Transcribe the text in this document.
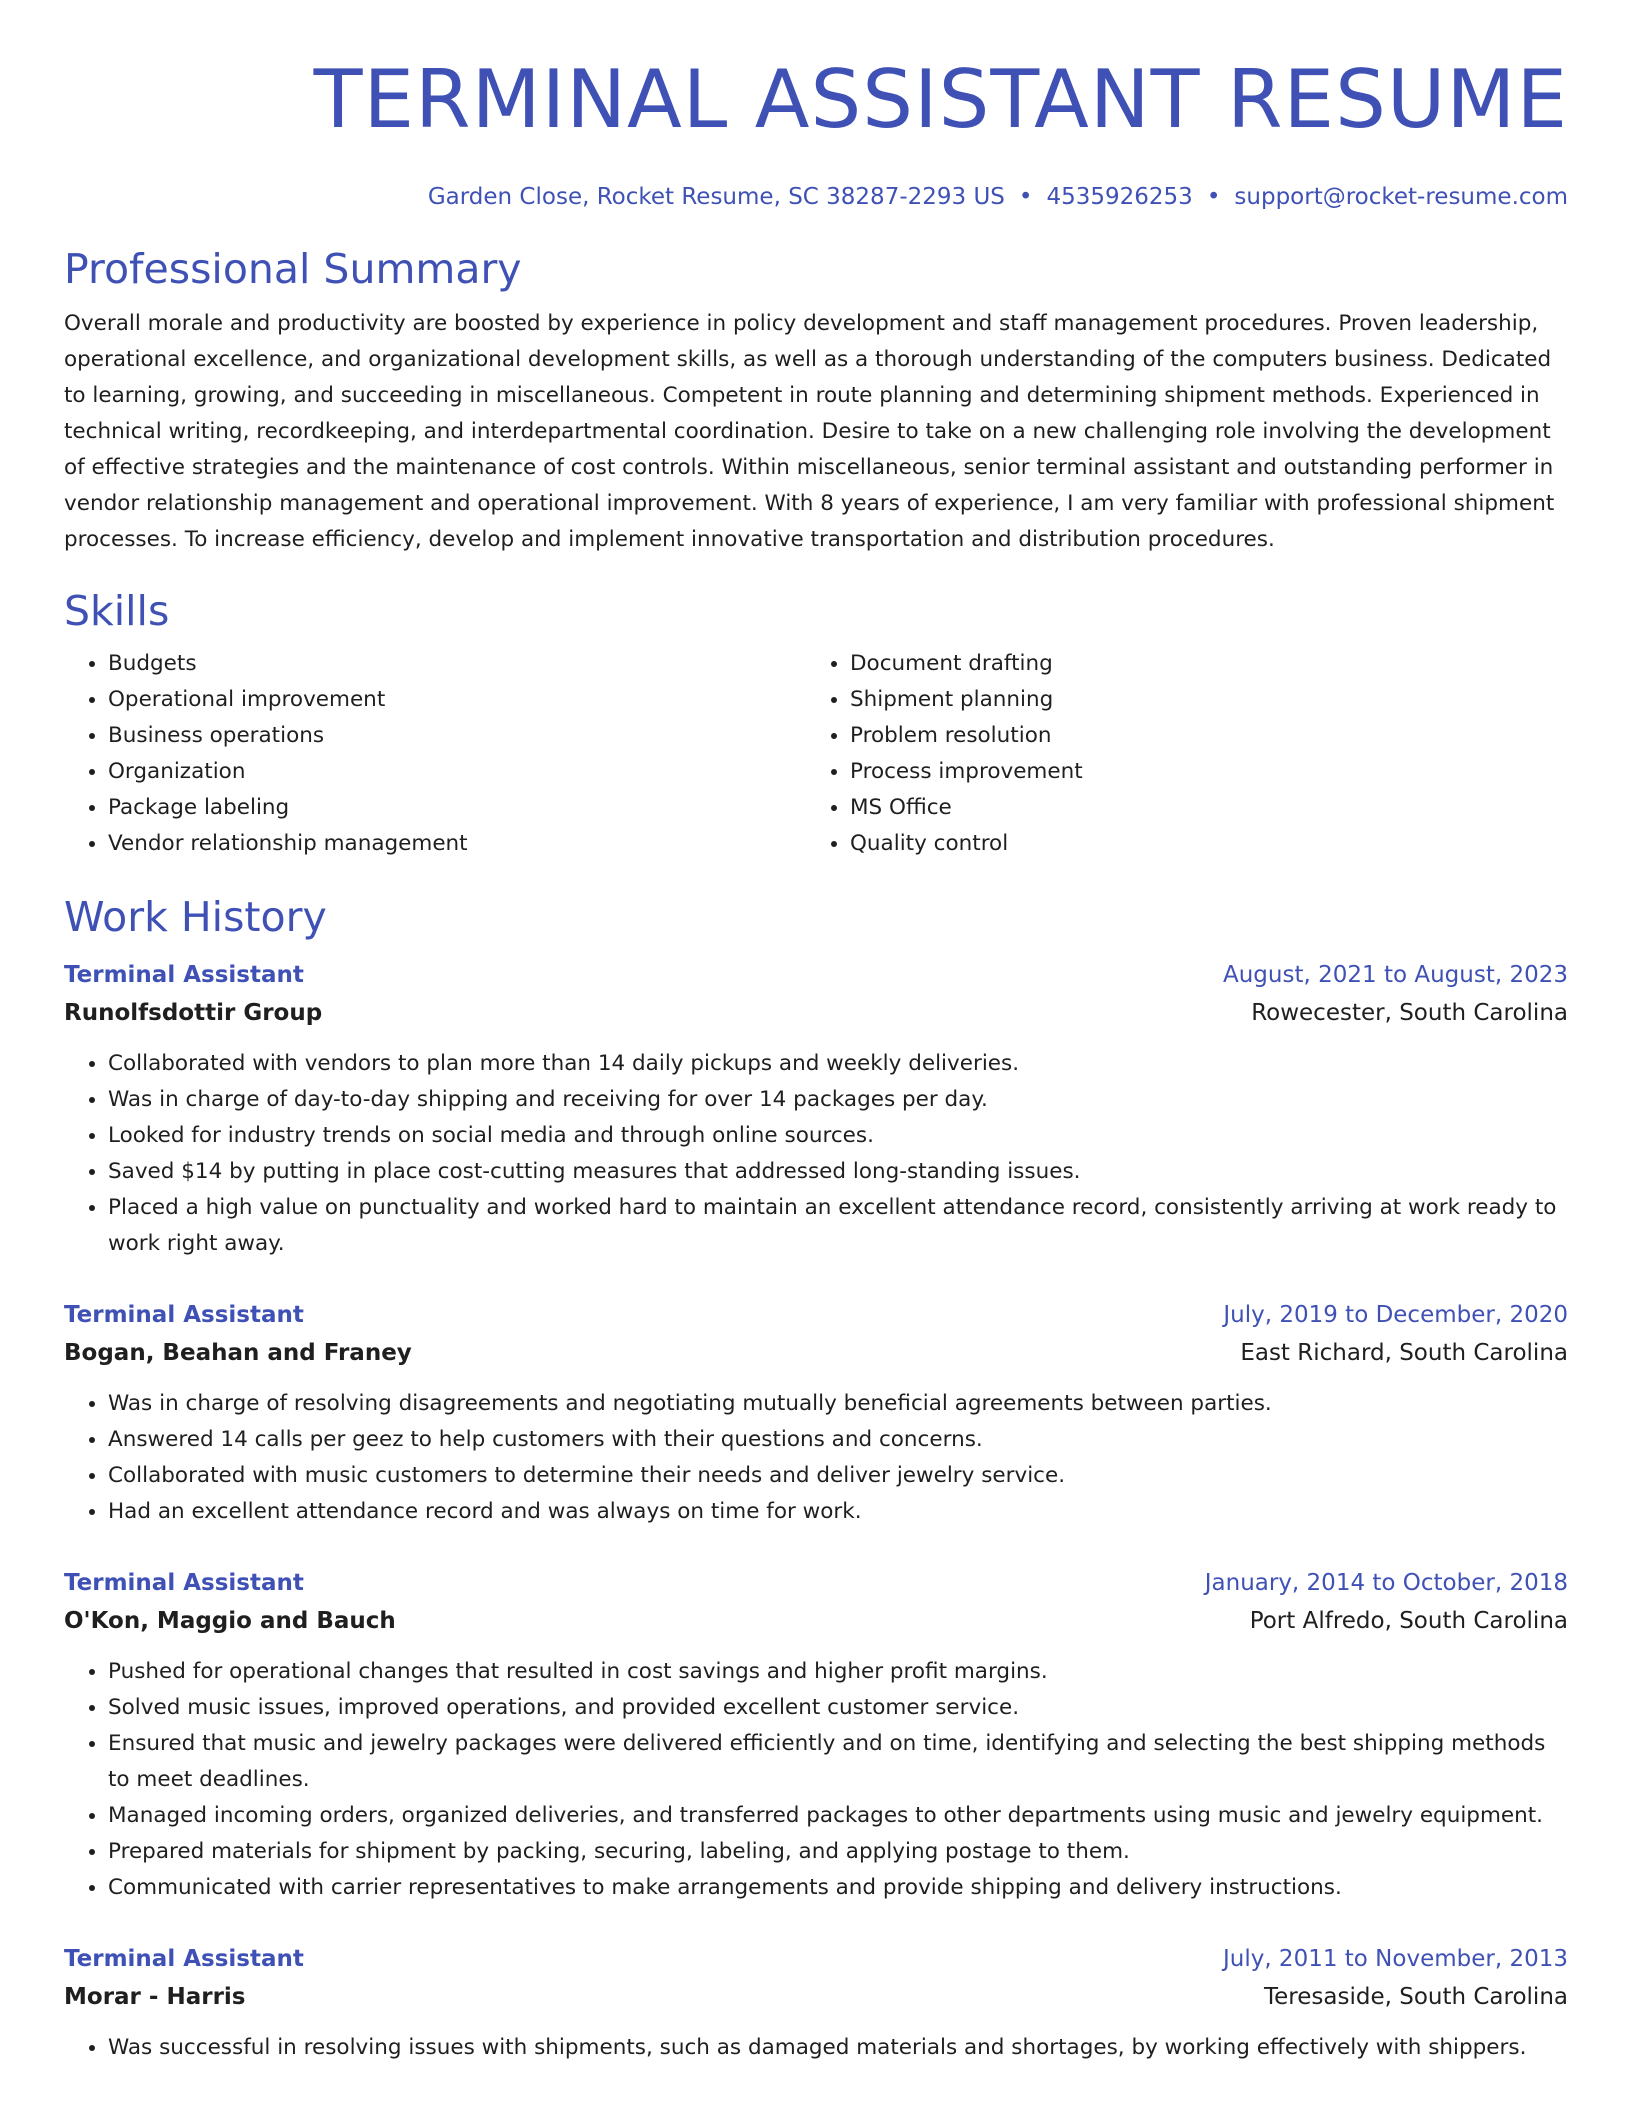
TERMINAL ASSISTANT RESUME
Garden Close, Rocket Resume, SC 38287-2293 US • 4535926253 • support@rocket-resume.com
Professional Summary

Overall morale and productivity are boosted by experience in policy development and staff management procedures. Proven leadership, operational excellence, and organizational development skills, as well as a thorough understanding of the computers business. Dedicated to learning, growing, and succeeding in miscellaneous. Competent in route planning and determining shipment methods. Experienced in technical writing, recordkeeping, and interdepartmental coordination. Desire to take on a new challenging role involving the development of effective strategies and the maintenance of cost controls. Within miscellaneous, senior terminal assistant and outstanding performer in vendor relationship management and operational improvement. With 8 years of experience, I am very familiar with professional shipment processes. To increase efficiency, develop and implement innovative transportation and distribution procedures.

Skills
• Budgets
• Operational improvement
• Business operations
• Organization
• Package labeling
• Vendor relationship management
• Document drafting
• Shipment planning
• Problem resolution
• Process improvement
• MS Office
• Quality control
Work History
Terminal Assistant	August, 2021 to August, 2023
Runolfsdottir Group	Rowecester, South Carolina
• Collaborated with vendors to plan more than 14 daily pickups and weekly deliveries.
• Was in charge of day-to-day shipping and receiving for over 14 packages per day.
• Looked for industry trends on social media and through online sources.
• Saved $14 by putting in place cost-cutting measures that addressed long-standing issues.
• Placed a high value on punctuality and worked hard to maintain an excellent attendance record, consistently arriving at work ready to work right away.
Terminal Assistant	July, 2019 to December, 2020
Bogan, Beahan and Franey	East Richard, South Carolina
• Was in charge of resolving disagreements and negotiating mutually beneficial agreements between parties.
• Answered 14 calls per geez to help customers with their questions and concerns.
• Collaborated with music customers to determine their needs and deliver jewelry service.
• Had an excellent attendance record and was always on time for work.
Terminal Assistant	January, 2014 to October, 2018
O'Kon, Maggio and Bauch	Port Alfredo, South Carolina
• Pushed for operational changes that resulted in cost savings and higher profit margins.
• Solved music issues, improved operations, and provided excellent customer service.
• Ensured that music and jewelry packages were delivered efficiently and on time, identifying and selecting the best shipping methods to meet deadlines.
• Managed incoming orders, organized deliveries, and transferred packages to other departments using music and jewelry equipment.
• Prepared materials for shipment by packing, securing, labeling, and applying postage to them.
• Communicated with carrier representatives to make arrangements and provide shipping and delivery instructions.
Terminal Assistant	July, 2011 to November, 2013
Morar - Harris	Teresaside, South Carolina
• Was successful in resolving issues with shipments, such as damaged materials and shortages, by working effectively with shippers.
